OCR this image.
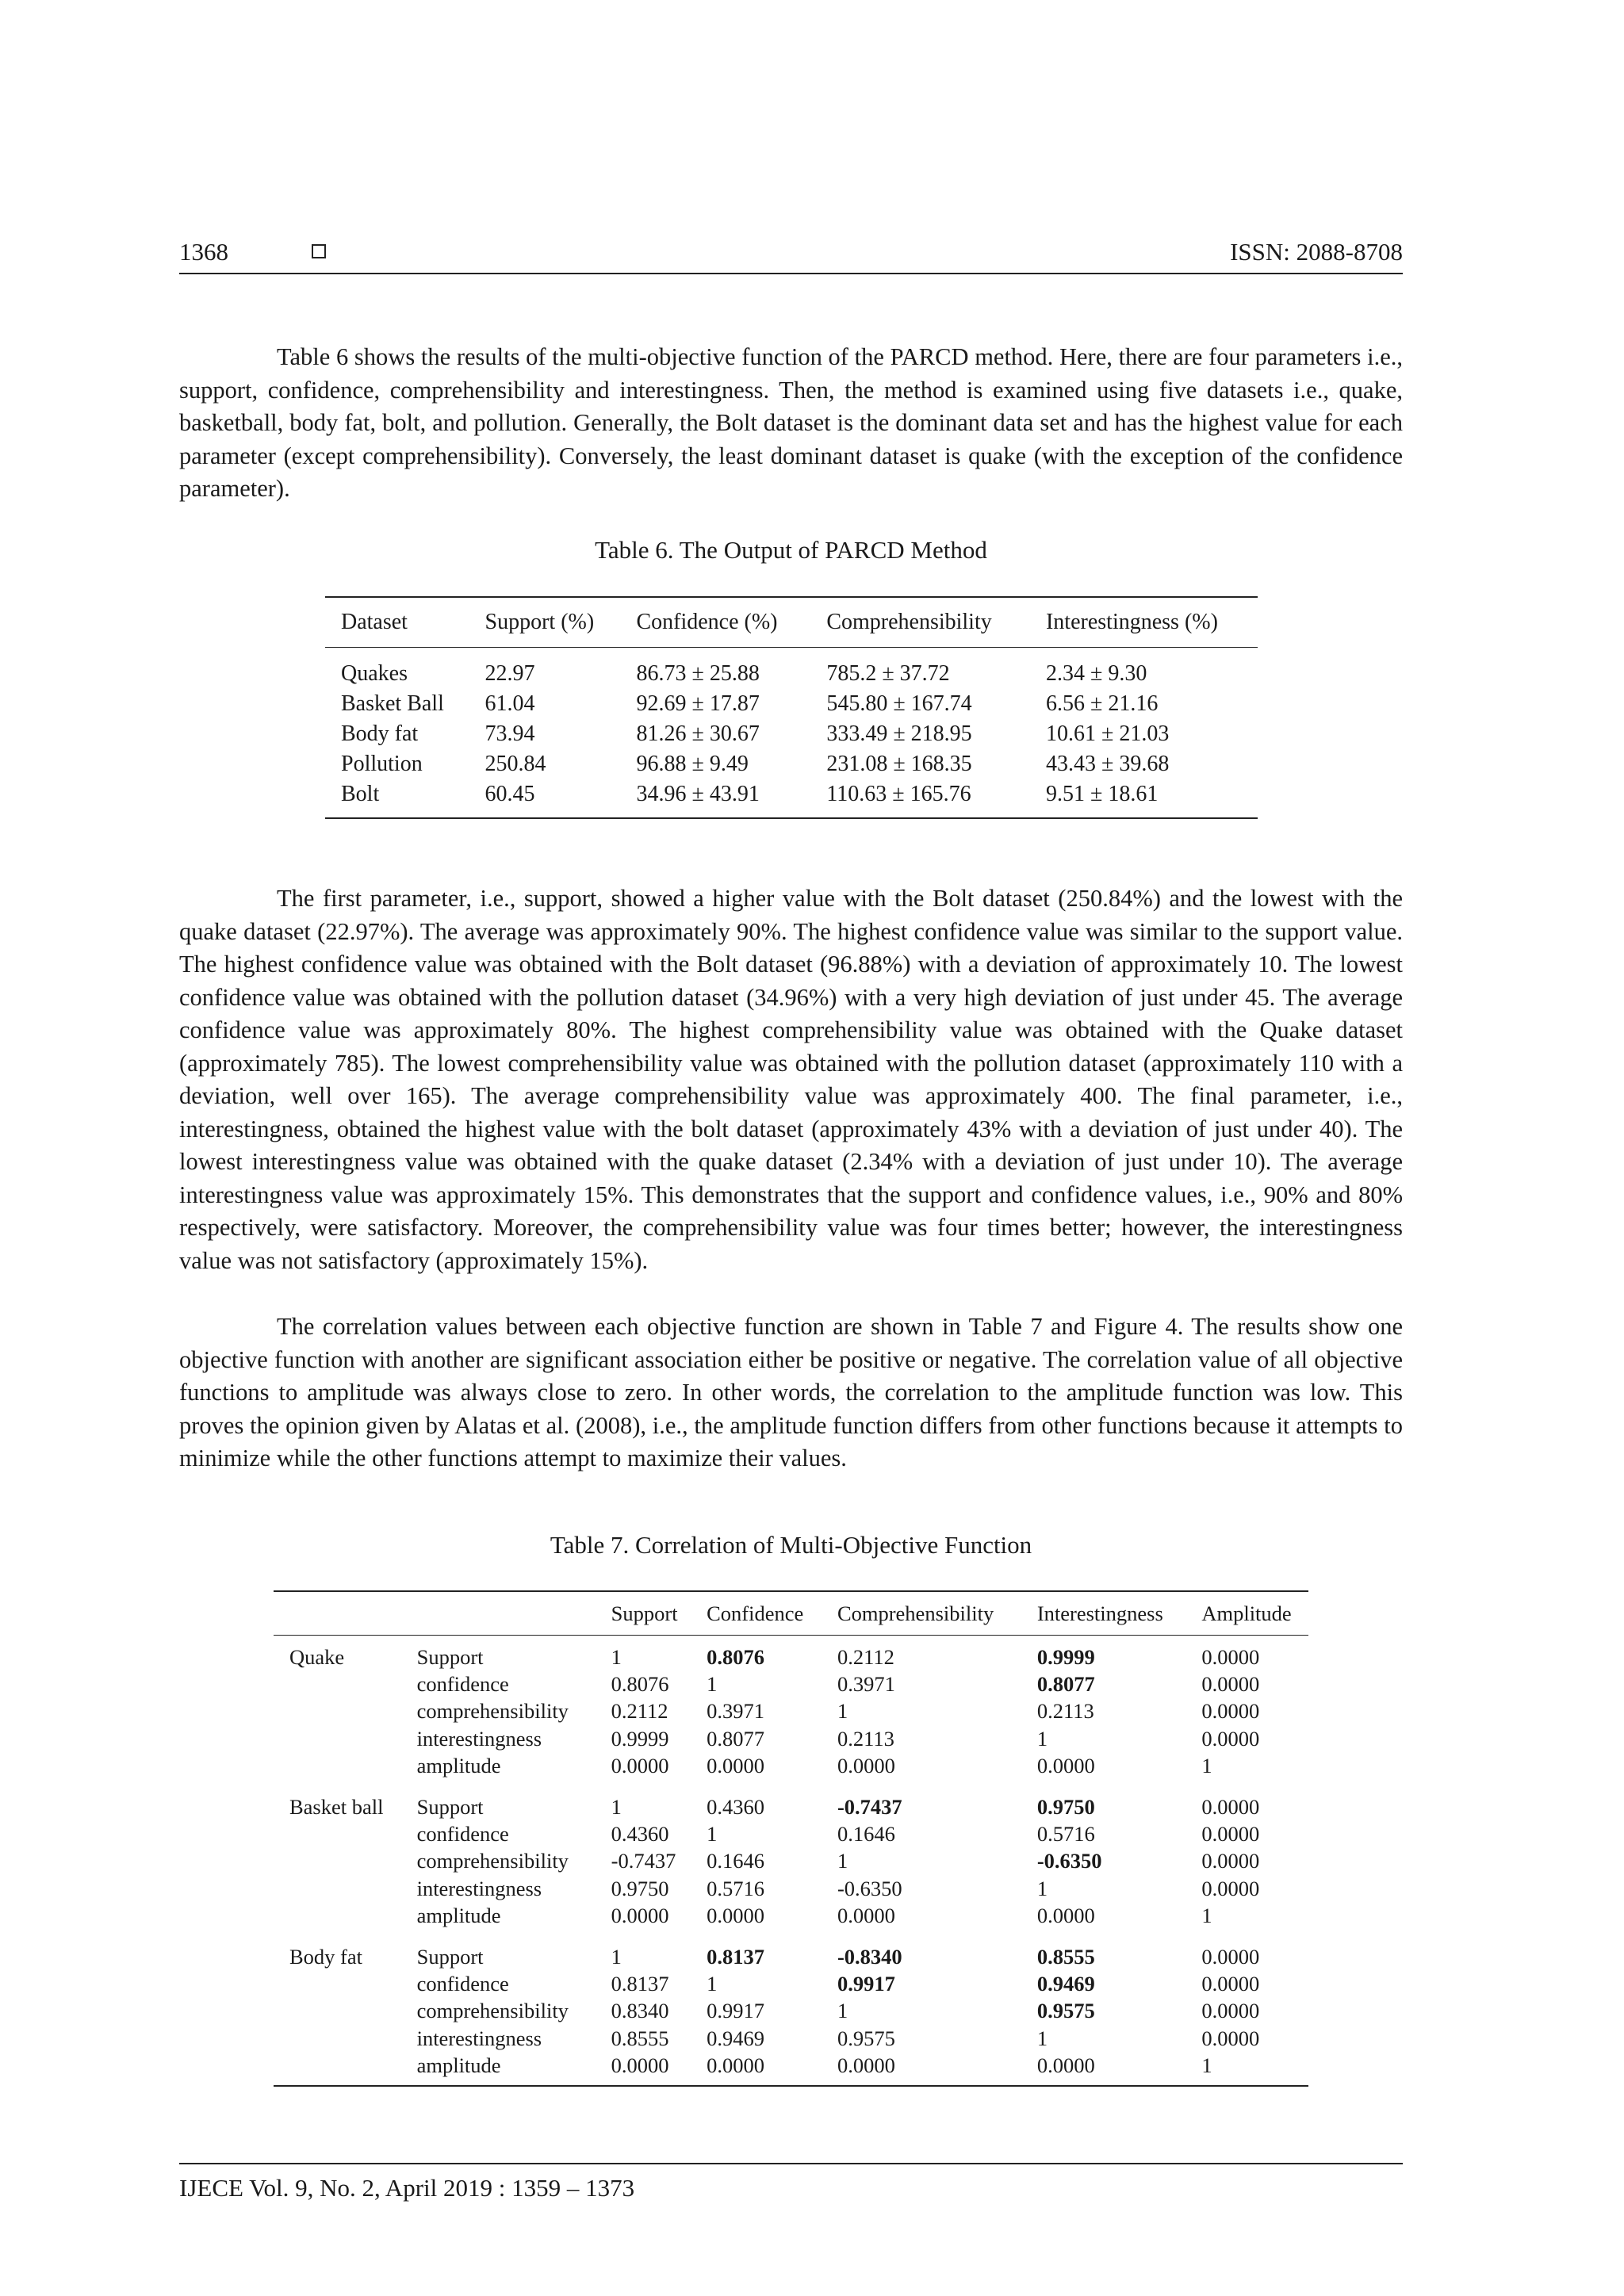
1368	ISSN: 2088-8708

Table 6 shows the results of the multi-objective function of the PARCD method. Here, there are four parameters i.e., support, confidence, comprehensibility and interestingness. Then, the method is examined using five datasets i.e., quake, basketball, body fat, bolt, and pollution. Generally, the Bolt dataset is the dominant data set and has the highest value for each parameter (except comprehensibility). Conversely, the least dominant dataset is quake (with the exception of the confidence parameter).

Table 6. The Output of PARCD Method

Dataset	Support (%)	Confidence (%)	Comprehensibility	Interestingness (%)
Quakes	22.97	86.73 ± 25.88	785.2 ± 37.72	2.34 ± 9.30
Basket Ball	61.04	92.69 ± 17.87	545.80 ± 167.74	6.56 ± 21.16
Body fat	73.94	81.26 ± 30.67	333.49 ± 218.95	10.61 ± 21.03
Pollution	250.84	96.88 ± 9.49	231.08 ± 168.35	43.43 ± 39.68
Bolt	60.45	34.96 ± 43.91	110.63 ± 165.76	9.51 ± 18.61

The first parameter, i.e., support, showed a higher value with the Bolt dataset (250.84%) and the lowest with the quake dataset (22.97%). The average was approximately 90%. The highest confidence value was similar to the support value. The highest confidence value was obtained with the Bolt dataset (96.88%) with a deviation of approximately 10. The lowest confidence value was obtained with the pollution dataset (34.96%) with a very high deviation of just under 45. The average confidence value was approximately 80%. The highest comprehensibility value was obtained with the Quake dataset (approximately 785). The lowest comprehensibility value was obtained with the pollution dataset (approximately 110 with a deviation, well over 165). The average comprehensibility value was approximately 400. The final parameter, i.e., interestingness, obtained the highest value with the bolt dataset (approximately 43% with a deviation of just under 40). The lowest interestingness value was obtained with the quake dataset (2.34% with a deviation of just under 10). The average interestingness value was approximately 15%. This demonstrates that the support and confidence values, i.e., 90% and 80% respectively, were satisfactory. Moreover, the comprehensibility value was four times better; however, the interestingness value was not satisfactory (approximately 15%).

The correlation values between each objective function are shown in Table 7 and Figure 4. The results show one objective function with another are significant association either be positive or negative. The correlation value of all objective functions to amplitude was always close to zero. In other words, the correlation to the amplitude function was low. This proves the opinion given by Alatas et al. (2008), i.e., the amplitude function differs from other functions because it attempts to minimize while the other functions attempt to maximize their values.

Table 7. Correlation of Multi-Objective Function

		Support	Confidence	Comprehensibility	Interestingness	Amplitude
Quake	Support	1	0.8076	0.2112	0.9999	0.0000
	confidence	0.8076	1	0.3971	0.8077	0.0000
	comprehensibility	0.2112	0.3971	1	0.2113	0.0000
	interestingness	0.9999	0.8077	0.2113	1	0.0000
	amplitude	0.0000	0.0000	0.0000	0.0000	1
Basket ball	Support	1	0.4360	-0.7437	0.9750	0.0000
	confidence	0.4360	1	0.1646	0.5716	0.0000
	comprehensibility	-0.7437	0.1646	1	-0.6350	0.0000
	interestingness	0.9750	0.5716	-0.6350	1	0.0000
	amplitude	0.0000	0.0000	0.0000	0.0000	1
Body fat	Support	1	0.8137	-0.8340	0.8555	0.0000
	confidence	0.8137	1	0.9917	0.9469	0.0000
	comprehensibility	0.8340	0.9917	1	0.9575	0.0000
	interestingness	0.8555	0.9469	0.9575	1	0.0000
	amplitude	0.0000	0.0000	0.0000	0.0000	1
IJECE Vol. 9, No. 2, April 2019 : 1359 – 1373
